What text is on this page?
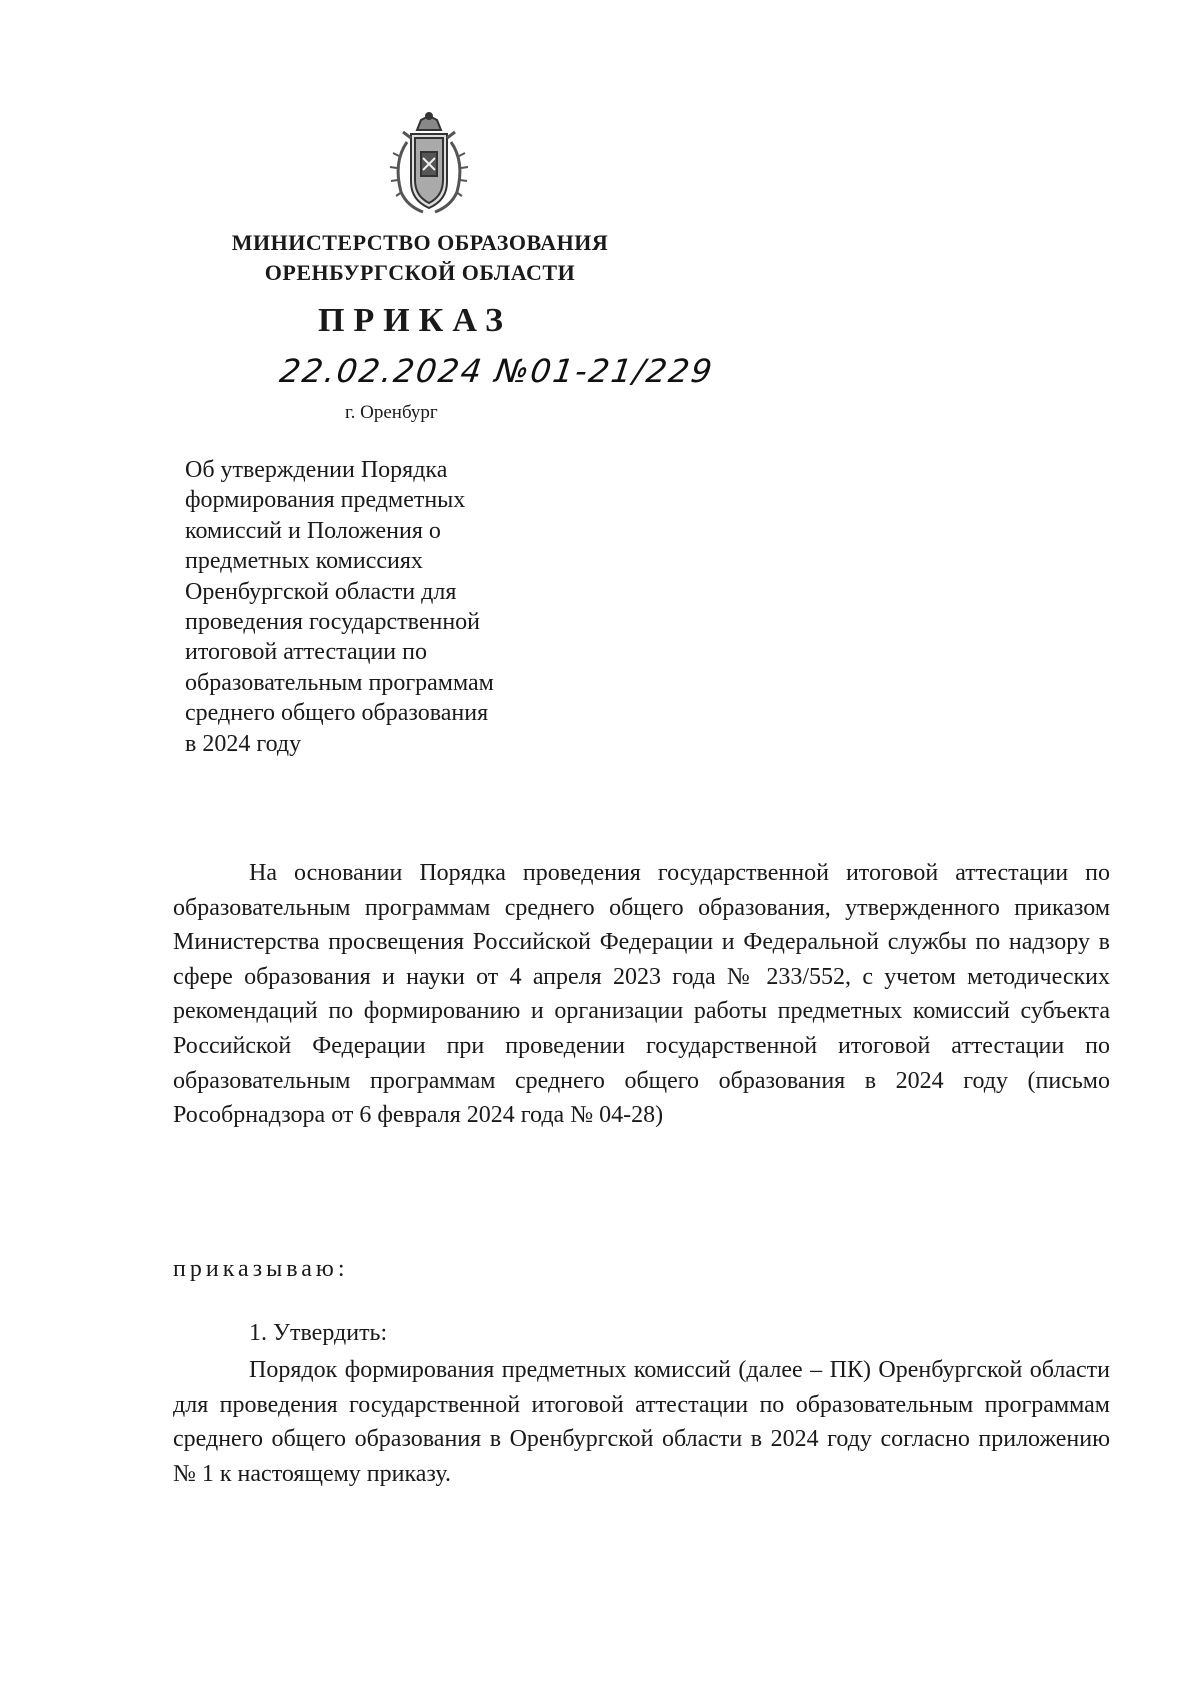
МИНИСТЕРСТВО ОБРАЗОВАНИЯ
ОРЕНБУРГСКОЙ ОБЛАСТИ
ПРИКАЗ
22.02.2024 №01-21/229
г. Оренбург
Об утверждении Порядка
формирования предметных
комиссий и Положения о
предметных комиссиях
Оренбургской области для
проведения государственной
итоговой аттестации по
образовательным программам
среднего общего образования
в 2024 году

На основании Порядка проведения государственной итоговой аттестации по образовательным программам среднего общего образования, утвержденного приказом Министерства просвещения Российской Федерации и Федеральной службы по надзору в сфере образования и науки от 4 апреля 2023 года № 233/552, с учетом методических рекомендаций по формированию и организации работы предметных комиссий субъекта Российской Федерации при проведении государственной итоговой аттестации по образовательным программам среднего общего образования в 2024 году (письмо Рособрнадзора от 6 февраля 2024 года № 04-28)

приказываю:
1. Утвердить:

Порядок формирования предметных комиссий (далее – ПК) Оренбургской области для проведения государственной итоговой аттестации по образовательным программам среднего общего образования в Оренбургской области в 2024 году согласно приложению № 1 к настоящему приказу.
